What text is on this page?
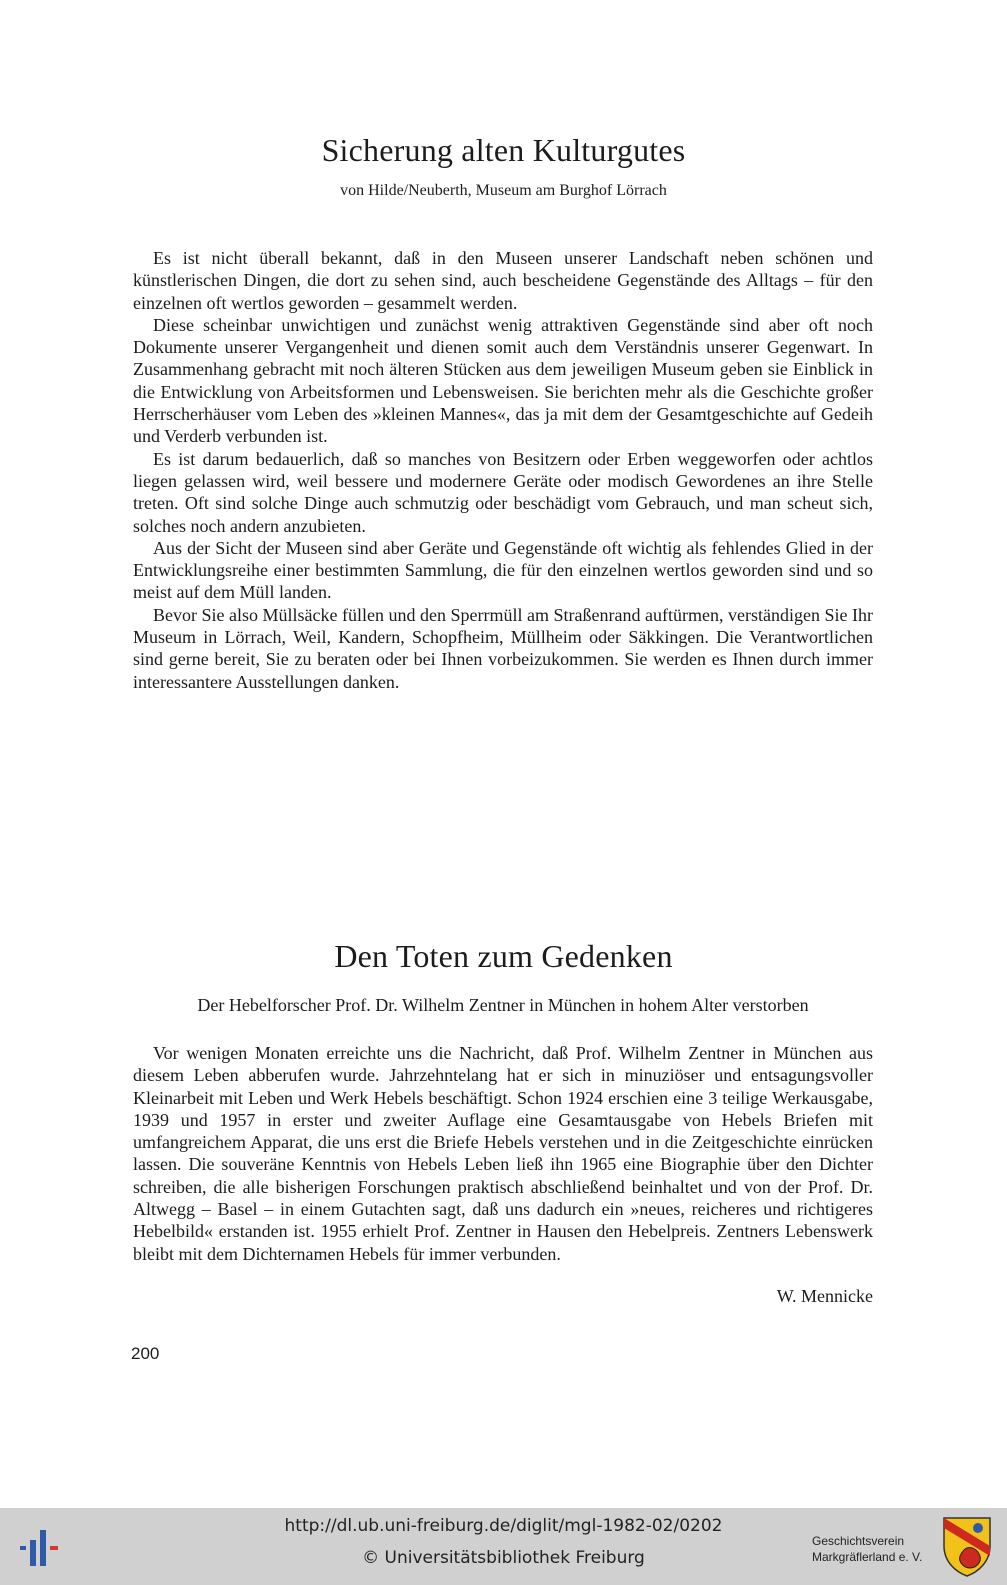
Sicherung alten Kulturgutes

von Hilde/Neuberth, Museum am Burghof Lörrach

Es ist nicht überall bekannt, daß in den Museen unserer Landschaft neben schönen und künstlerischen Dingen, die dort zu sehen sind, auch bescheidene Gegenstände des Alltags – für den einzelnen oft wertlos geworden – gesammelt werden.

Diese scheinbar unwichtigen und zunächst wenig attraktiven Gegenstände sind aber oft noch Dokumente unserer Vergangenheit und dienen somit auch dem Verständnis unserer Gegenwart. In Zusammenhang gebracht mit noch älteren Stücken aus dem jeweiligen Museum geben sie Einblick in die Entwicklung von Arbeitsformen und Lebensweisen. Sie berichten mehr als die Geschichte großer Herrscherhäuser vom Leben des »kleinen Mannes«, das ja mit dem der Gesamtgeschichte auf Gedeih und Verderb verbunden ist.

Es ist darum bedauerlich, daß so manches von Besitzern oder Erben weggeworfen oder achtlos liegen gelassen wird, weil bessere und modernere Geräte oder modisch Gewordenes an ihre Stelle treten. Oft sind solche Dinge auch schmutzig oder beschädigt vom Gebrauch, und man scheut sich, solches noch andern anzubieten.

Aus der Sicht der Museen sind aber Geräte und Gegenstände oft wichtig als fehlendes Glied in der Entwicklungsreihe einer bestimmten Sammlung, die für den einzelnen wertlos geworden sind und so meist auf dem Müll landen.

Bevor Sie also Müllsäcke füllen und den Sperrmüll am Straßenrand auftürmen, verständigen Sie Ihr Museum in Lörrach, Weil, Kandern, Schopfheim, Müllheim oder Säkkingen. Die Verantwortlichen sind gerne bereit, Sie zu beraten oder bei Ihnen vorbeizukommen. Sie werden es Ihnen durch immer interessantere Ausstellungen danken.

Den Toten zum Gedenken

Der Hebelforscher Prof. Dr. Wilhelm Zentner in München in hohem Alter verstorben

Vor wenigen Monaten erreichte uns die Nachricht, daß Prof. Wilhelm Zentner in München aus diesem Leben abberufen wurde. Jahrzehntelang hat er sich in minuziöser und entsagungsvoller Kleinarbeit mit Leben und Werk Hebels beschäftigt. Schon 1924 erschien eine 3 teilige Werkausgabe, 1939 und 1957 in erster und zweiter Auflage eine Gesamtausgabe von Hebels Briefen mit umfangreichem Apparat, die uns erst die Briefe Hebels verstehen und in die Zeitgeschichte einrücken lassen. Die souveräne Kenntnis von Hebels Leben ließ ihn 1965 eine Biographie über den Dichter schreiben, die alle bisherigen Forschungen praktisch abschließend beinhaltet und von der Prof. Dr. Altwegg – Basel – in einem Gutachten sagt, daß uns dadurch ein »neues, reicheres und richtigeres Hebelbild« erstanden ist. 1955 erhielt Prof. Zentner in Hausen den Hebelpreis. Zentners Lebenswerk bleibt mit dem Dichternamen Hebels für immer verbunden.

W. Mennicke

200
http://dl.ub.uni-freiburg.de/diglit/mgl-1982-02/0202
© Universitätsbibliothek Freiburg
Geschichtsverein
Markgräflerland e. V.
